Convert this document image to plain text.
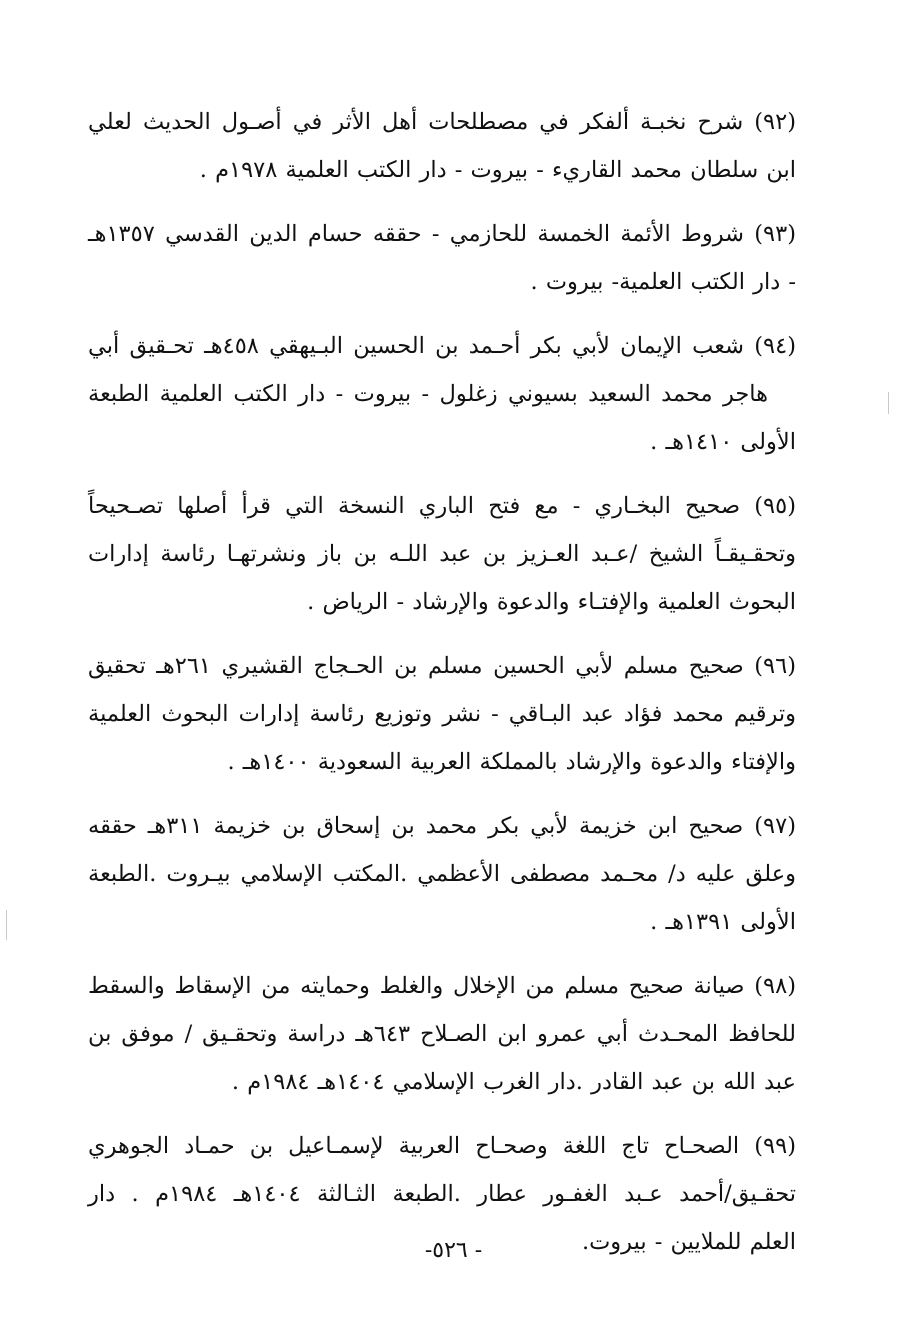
(٩٢) شرح نخبـة ألفكر في مصطلحات أهل الأثر في أصـول الحديث لعلي
ابن سلطان محمد القاريء - بيروت - دار الكتب العلمية ١٩٧٨م .
(٩٣) شروط الأئمة الخمسة للحازمي - حققه حسام الدين القدسي ١٣٥٧هـ
- دار الكتب العلمية- بيروت .
(٩٤) شعب الإيمان لأبي بكر أحـمد بن الحسين البـيهقي ٤٥٨هـ تحـقيق أبي
هاجر محمد السعيد بسيوني زغلول - بيروت - دار الكتب العلمية الطبعة
الأولى ١٤١٠هـ .
(٩٥) صحيح البخـاري - مع فتح الباري النسخة التي قرأ أصلها تصـحيحاً
وتحقـيقـاً الشيخ /عـبد العـزيز بن عبد اللـه بن باز ونشرتهـا رئاسة إدارات
البحوث العلمية والإفتـاء والدعوة والإرشاد - الرياض .
(٩٦) صحيح مسلم لأبي الحسين مسلم بن الحـجاج القشيري ٢٦١هـ تحقيق
وترقيم محمد فؤاد عبد البـاقي - نشر وتوزيع رئاسة إدارات البحوث العلمية
والإفتاء والدعوة والإرشاد بالمملكة العربية السعودية ١٤٠٠هـ .
(٩٧) صحيح ابن خزيمة لأبي بكر محمد بن إسحاق بن خزيمة ٣١١هـ حققه
وعلق عليه د/ محـمد مصطفى الأعظمي .المكتب الإسلامي بيـروت .الطبعة
الأولى ١٣٩١هـ .
(٩٨) صيانة صحيح مسلم من الإخلال والغلط وحمايته من الإسقاط والسقط
للحافظ المحـدث أبي عمرو ابن الصـلاح ٦٤٣هـ دراسة وتحقـيق / موفق بن
عبد الله بن عبد القادر .دار الغرب الإسلامي ١٤٠٤هـ ١٩٨٤م .
(٩٩) الصحـاح تاج اللغة وصحـاح العربية لإسمـاعيل بن حمـاد الجوهري
تحقـيق/أحمد عـبد الغفـور عطار .الطبعة الثـالثة ١٤٠٤هـ ١٩٨٤م . دار
العلم للملايين - بيروت.
- ٥٢٦-
